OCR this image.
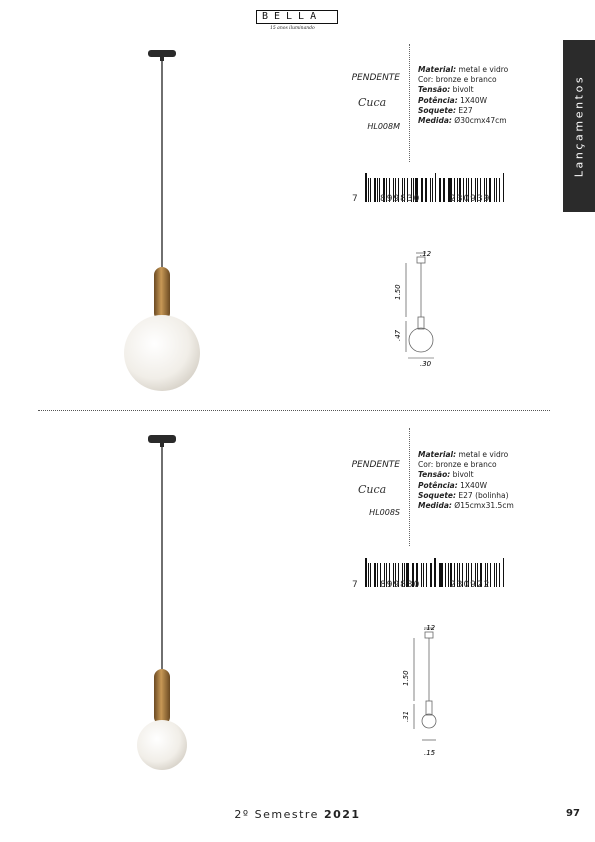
BELLA
15 anos iluminando
Lançamentos
PENDENTE
Cuca
HL008M
Material: metal e vidro
Cor: bronze e branco
Tensão: bivolt
Potência: 1X40W
Soquete: E27
Medida: Ø30cmx47cm
7 899830	230939
.12
1.50
.47
.30
PENDENTE
Cuca
HL008S
Material: metal e vidro
Cor: bronze e branco
Tensão: bivolt
Potência: 1X40W
Soquete: E27 (bolinha)
Medida: Ø15cmx31.5cm
7 899830	230922
.12
1.50
.31
.15
2º Semestre 2021	97
